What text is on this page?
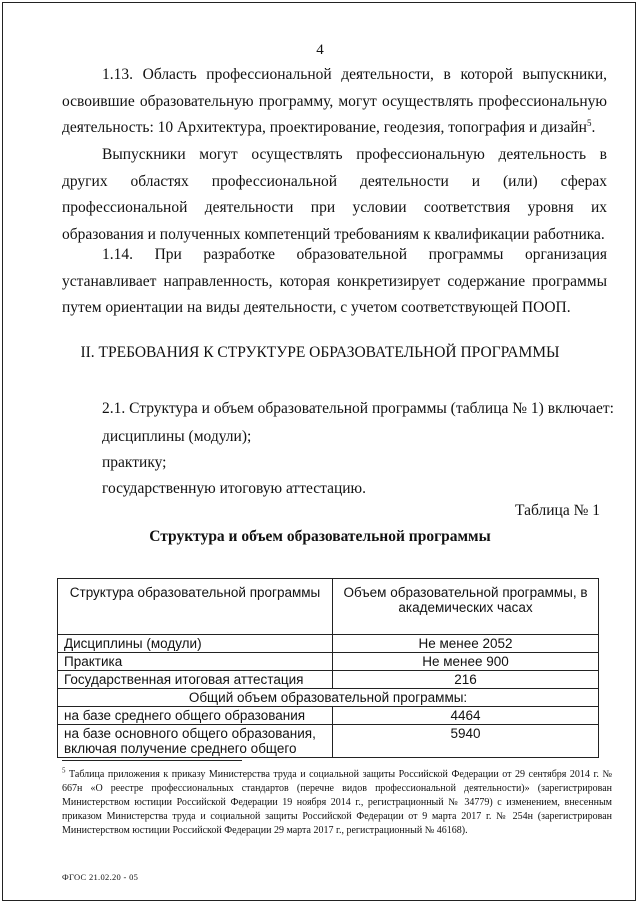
4

1.13. Область профессиональной деятельности, в которой выпускники, освоившие образовательную программу, могут осуществлять профессиональную деятельность: 10 Архитектура, проектирование, геодезия, топография и дизайн$^5$.

Выпускники могут осуществлять профессиональную деятельность в других областях профессиональной деятельности и (или) сферах профессиональной деятельности при условии соответствия уровня их образования и полученных компетенций требованиям к квалификации работника.

1.14. При разработке образовательной программы организация устанавливает направленность, которая конкретизирует содержание программы путем ориентации на виды деятельности, с учетом соответствующей ПООП.

II. ТРЕБОВАНИЯ К СТРУКТУРЕ ОБРАЗОВАТЕЛЬНОЙ ПРОГРАММЫ

2.1. Структура и объем образовательной программы (таблица № 1) включает:

дисциплины (модули);

практику;

государственную итоговую аттестацию.

Таблица № 1
Структура и объем образовательной программы
Структура образовательной программы	Объем образовательной программы, в академических часах
Дисциплины (модули)	Не менее 2052
Практика	Не менее 900
Государственная итоговая аттестация	216
Общий объем образовательной программы:	
на базе среднего общего образования	4464
на базе основного общего образования, включая получение среднего общего	5940

$^5$ Таблица приложения к приказу Министерства труда и социальной защиты Российской Федерации от 29 сентября 2014 г. № 667н «О реестре профессиональных стандартов (перечне видов профессиональной деятельности)» (зарегистрирован Министерством юстиции Российской Федерации 19 ноября 2014 г., регистрационный № 34779) с изменением, внесенным приказом Министерства труда и социальной защиты Российской Федерации от 9 марта 2017 г. № 254н (зарегистрирован Министерством юстиции Российской Федерации 29 марта 2017 г., регистрационный № 46168).

ФГОС 21.02.20 - 05
